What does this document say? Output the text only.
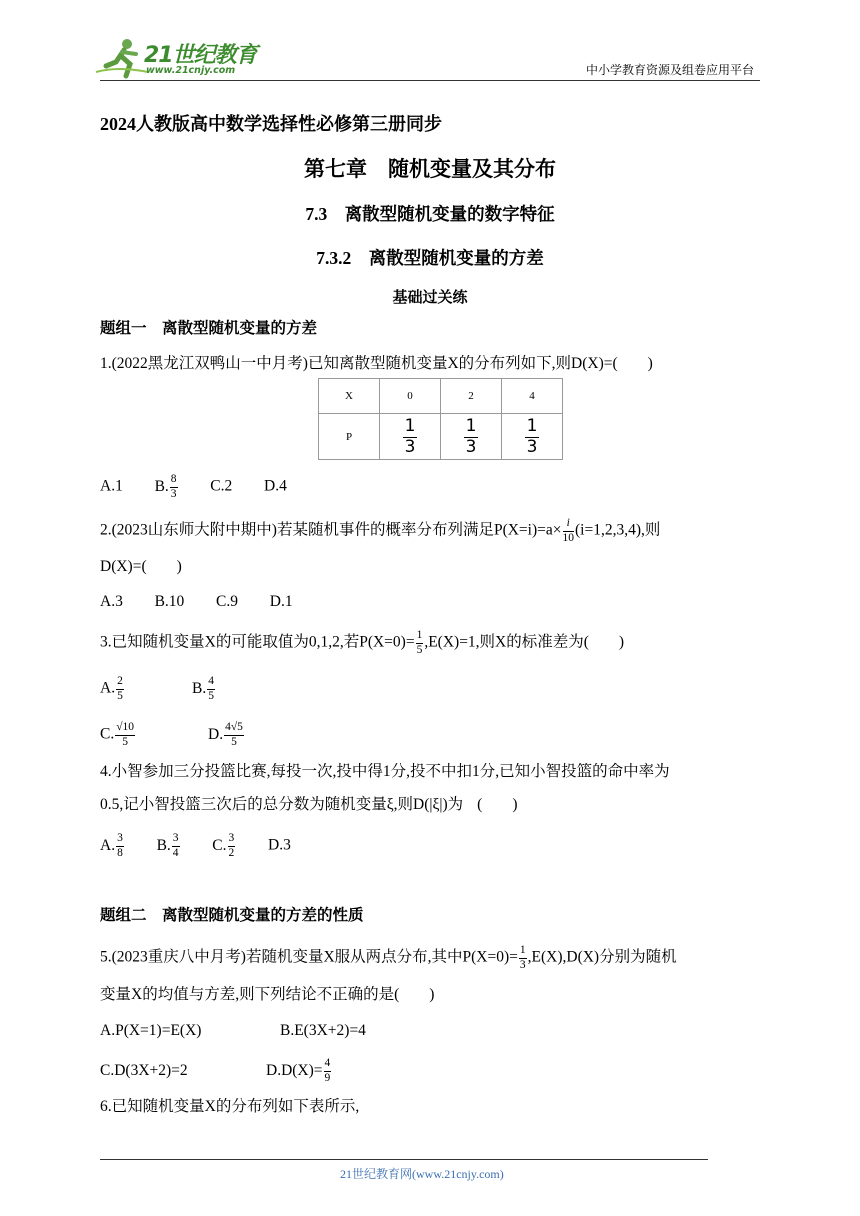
21世纪教育
www.21cnjy.com	中小学教育资源及组卷应用平台
2024人教版高中数学选择性必修第三册同步
第七章    随机变量及其分布
7.3    离散型随机变量的数字特征
7.3.2    离散型随机变量的方差
基础过关练
题组一    离散型随机变量的方差
1.(2022黑龙江双鸭山一中月考)已知离散型随机变量X的分布列如下,则D(X)=( )
X	0	2	4
P	$\frac{1}{3}$	$\frac{1}{3}$	$\frac{1}{3}$
A.1 B. $\frac{8}{3} C.2$ D.4
2.(2023山东师大附中期中)若某随机事件的概率分布列满足$P(X=i)=a\times \frac{i}{10} (i=1,2,3,4)$,则
D(X)=( )
A.3 B.10 C.9 D.1
3.已知随机变量X的可能取值为0,1,2,若$P(X=0)= \frac{1}{5} ,E(X)=1$,则X的标准差为( )
A. $\frac{2}{5}$	B. $\frac{4}{5}$
C. $\frac{√10}{5}$	D. $\frac{4√5}{5}$
4.小智参加三分投篮比赛,每投一次,投中得1分,投不中扣1分,已知小智投篮的命中率为
0.5,记小智投篮三次后的总分数为随机变量ξ,则D(|ξ|)为 ( )
A. $\frac{3}{8} B$. $\frac{3}{4} C$. $\frac{3}{2} D.3$
题组二    离散型随机变量的方差的性质
5.(2023重庆八中月考)若随机变量X服从两点分布,其中$P(X=0)= \frac{1}{3} ,E(X),D(X)$分别为随机
变量X的均值与方差,则下列结论不正确的是( )
A.P(X=1)=E(X)	B.E(3X+2)=4
C.D(3X+2)=2	$D.D(X)= \frac{4}{9}$
6.已知随机变量X的分布列如下表所示,
21世纪教育网(www.21cnjy.com)
